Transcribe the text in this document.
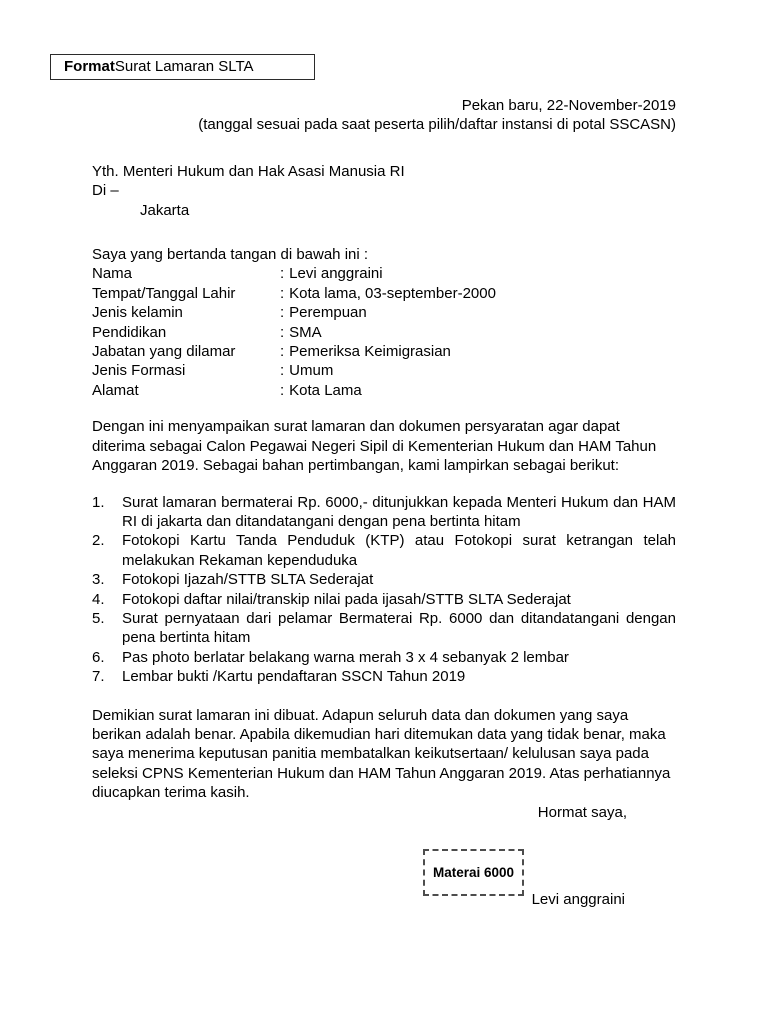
Format Surat Lamaran SLTA
Pekan baru, 22-November-2019
(tanggal sesuai pada saat peserta pilih/daftar instansi di potal SSCASN)
Yth. Menteri Hukum dan Hak Asasi Manusia RI
Di –
Jakarta
Saya yang bertanda tangan di bawah ini :
Nama	: Levi anggraini
Tempat/Tanggal Lahir	: Kota lama, 03-september-2000
Jenis kelamin	: Perempuan
Pendidikan	: SMA
Jabatan yang dilamar	: Pemeriksa Keimigrasian
Jenis Formasi	: Umum
Alamat	: Kota Lama

Dengan ini menyampaikan surat lamaran dan dokumen persyaratan agar dapat diterima sebagai Calon Pegawai Negeri Sipil di Kementerian Hukum dan HAM Tahun Anggaran 2019. Sebagai bahan pertimbangan, kami lampirkan sebagai berikut:

1.	Surat lamaran bermaterai Rp. 6000,- ditunjukkan kepada Menteri Hukum dan HAM RI di jakarta dan ditandatangani dengan pena bertinta hitam
2.	Fotokopi Kartu Tanda Penduduk (KTP) atau Fotokopi surat ketrangan telah melakukan Rekaman kependuduka
3.	Fotokopi Ijazah/STTB SLTA Sederajat
4.	Fotokopi daftar nilai/transkip nilai pada ijasah/STTB SLTA Sederajat
5.	Surat pernyataan dari pelamar Bermaterai Rp. 6000 dan ditandatangani dengan pena bertinta hitam
6.	Pas photo berlatar belakang warna merah 3 x 4 sebanyak 2 lembar
7.	Lembar bukti /Kartu pendaftaran SSCN Tahun 2019

Demikian surat lamaran ini dibuat. Adapun seluruh data dan dokumen yang saya berikan adalah benar. Apabila dikemudian hari ditemukan data yang tidak benar, maka saya menerima keputusan panitia membatalkan keikutsertaan/ kelulusan saya pada seleksi CPNS Kementerian Hukum dan HAM Tahun Anggaran 2019. Atas perhatiannya diucapkan terima kasih.

Hormat saya,
Levi anggraini
Materai 6000
